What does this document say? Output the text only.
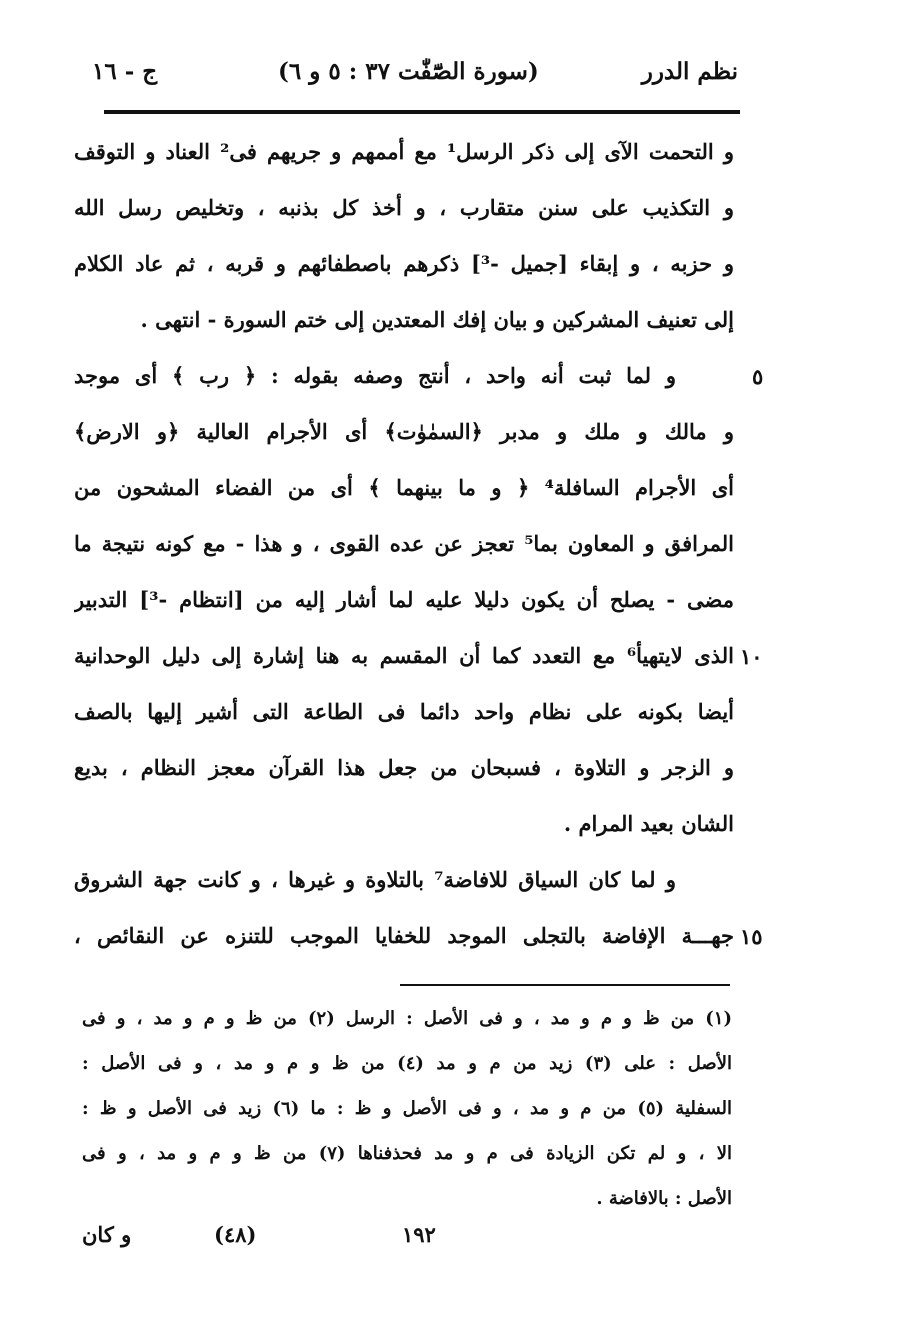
نظم الدرر
(سورة الصّٓفّٰت ٣٧ : ٥ و ٦)
ج - ١٦
و التحمت الآى إلى ذكر الرسل¹ مع أممهم و جريهم فى² العناد و التوقف
و التكذيب على سنن متقارب ، و أخذ كل بذنبه ، وتخليص رسل الله
و حزبه ، و إبقاء [جميل -³] ذكرهم باصطفائهم و قربه ، ثم عاد الكلام
إلى تعنيف المشركين و بيان إفك المعتدين إلى ختم السورة - انتهى .
و لما ثبت أنه واحد ، أنتج وصفه بقوله : ﴿ رب ﴾ أى موجد
و مالك و ملك و مدبر ﴿السمٰوٰت﴾ أى الأجرام العالية ﴿و الارض﴾
أى الأجرام السافلة⁴ ﴿ و ما بينهما ﴾ أى من الفضاء المشحون من
المرافق و المعاون بما⁵ تعجز عن عده القوى ، و هذا - مع كونه نتيجة ما
مضى - يصلح أن يكون دليلا عليه لما أشار إليه من [انتظام -³] التدبير
الذى لايتهيأ⁶ مع التعدد كما أن المقسم به هنا إشارة إلى دليل الوحدانية
أيضا بكونه على نظام واحد دائما فى الطاعة التى أشير إليها بالصف
و الزجر و التلاوة ، فسبحان من جعل هذا القرآن معجز النظام ، بديع
الشان بعيد المرام .
و لما كان السياق للافاضة⁷ بالتلاوة و غيرها ، و كانت جهة الشروق
جهـــة الإفاضة بالتجلى الموجد للخفايا الموجب للتنزه عن النقائص ،
٥
١٠
١٥
(١) من ظ و م و مد ، و فى الأصل : الرسل (٢) من ظ و م و مد ، و فى
الأصل : على (٣) زيد من م و مد (٤) من ظ و م و مد ، و فى الأصل :
السفلية (٥) من م و مد ، و فى الأصل و ظ : ما (٦) زيد فى الأصل و ظ :
الا ، و لم تكن الزيادة فى م و مد فحذفناها (٧) من ظ و م و مد ، و فى
الأصل : بالافاضة .
و كان	(٤٨)	١٩٢
